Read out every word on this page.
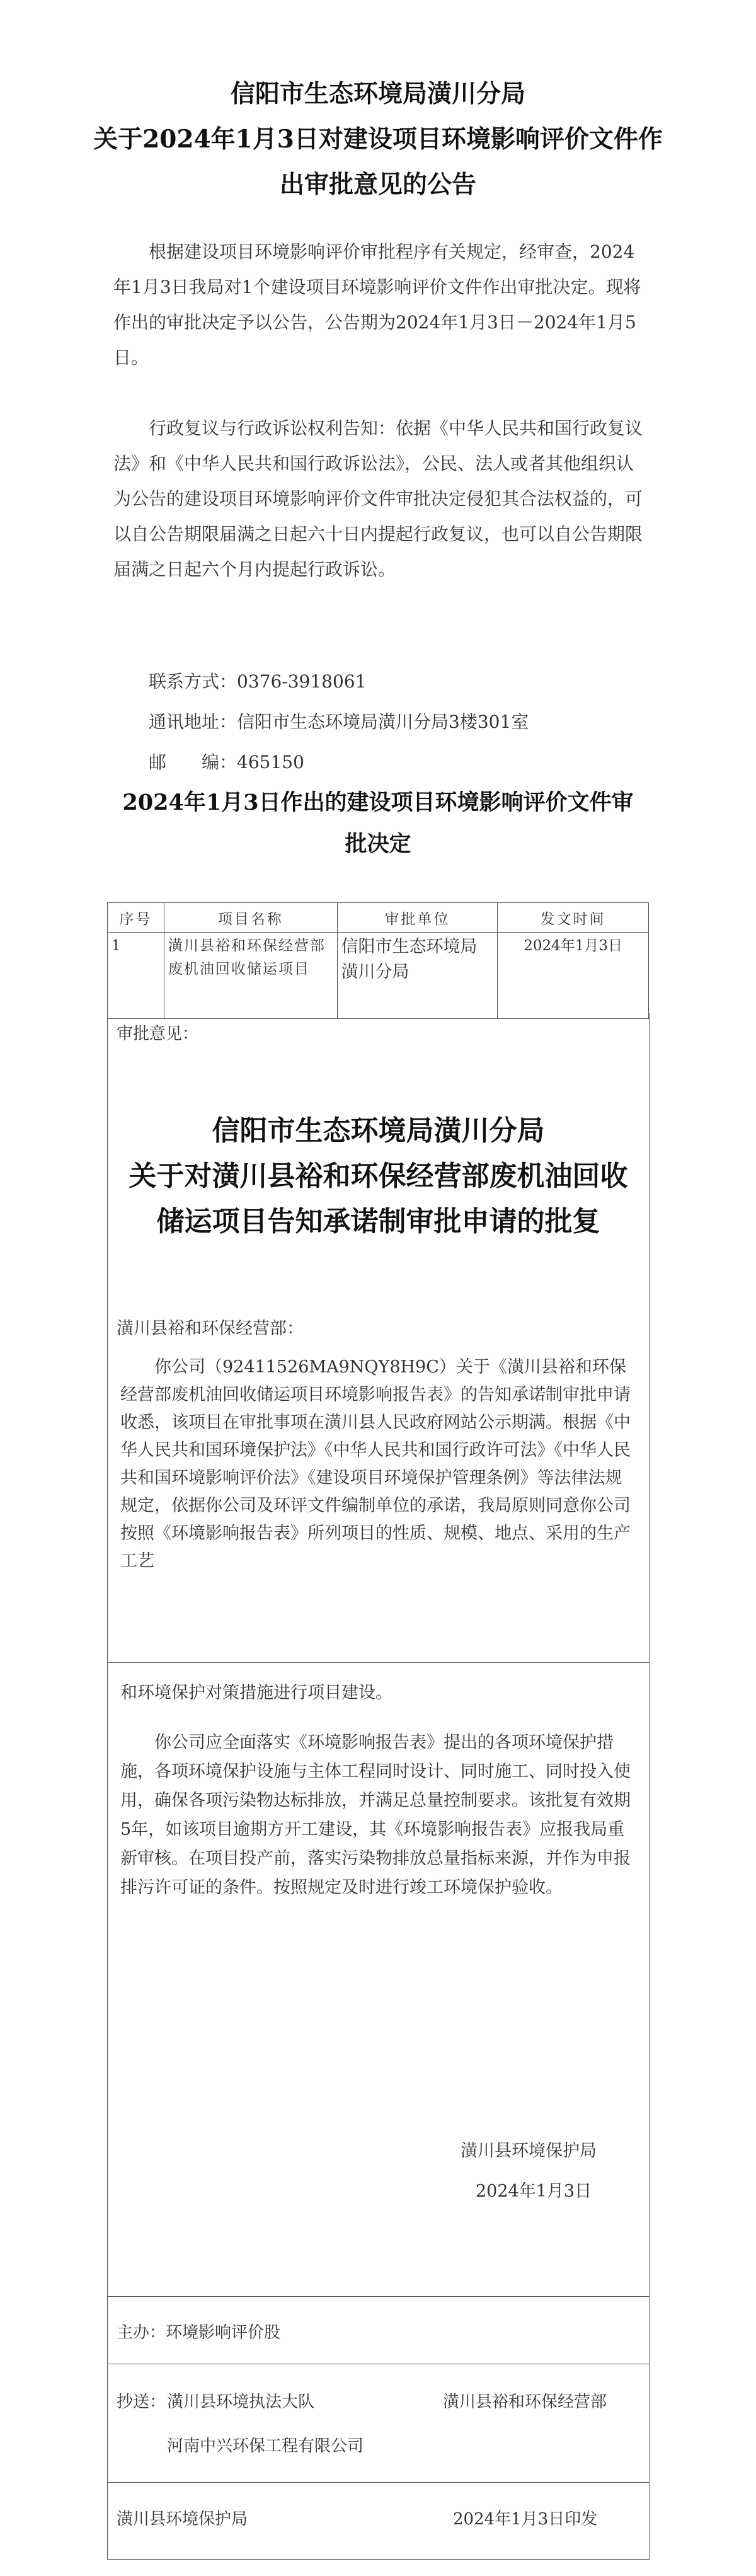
信阳市生态环境局潢川分局
关于2024年1月3日对建设项目环境影响评价文件作
出审批意见的公告

根据建设项目环境影响评价审批程序有关规定，经审查，2024年1月3日我局对1个建设项目环境影响评价文件作出审批决定。现将作出的审批决定予以公告，公告期为2024年1月3日－2024年1月5日。

行政复议与行政诉讼权利告知：依据《中华人民共和国行政复议法》和《中华人民共和国行政诉讼法》，公民、法人或者其他组织认为公告的建设项目环境影响评价文件审批决定侵犯其合法权益的，可以自公告期限届满之日起六十日内提起行政复议，也可以自公告期限届满之日起六个月内提起行政诉讼。

联系方式：0376-3918061
通讯地址：信阳市生态环境局潢川分局3楼301室
邮　　编：465150
2024年1月3日作出的建设项目环境影响评价文件审
批决定
序号	项目名称	审批单位	发文时间
1	潢川县裕和环保经营部废机油回收储运项目	信阳市生态环境局潢川分局	2024年1月3日
审批意见：
信阳市生态环境局潢川分局
关于对潢川县裕和环保经营部废机油回收
储运项目告知承诺制审批申请的批复
潢川县裕和环保经营部：

你公司（92411526MA9NQY8H9C）关于《潢川县裕和环保经营部废机油回收储运项目环境影响报告表》的告知承诺制审批申请收悉，该项目在审批事项在潢川县人民政府网站公示期满。根据《中华人民共和国环境保护法》《中华人民共和国行政许可法》《中华人民共和国环境影响评价法》《建设项目环境保护管理条例》等法律法规规定，依据你公司及环评文件编制单位的承诺，我局原则同意你公司按照《环境影响报告表》所列项目的性质、规模、地点、采用的生产工艺

和环境保护对策措施进行项目建设。

你公司应全面落实《环境影响报告表》提出的各项环境保护措施，各项环境保护设施与主体工程同时设计、同时施工、同时投入使用，确保各项污染物达标排放，并满足总量控制要求。该批复有效期5年，如该项目逾期方开工建设，其《环境影响报告表》应报我局重新审核。在项目投产前，落实污染物排放总量指标来源，并作为申报排污许可证的条件。按照规定及时进行竣工环境保护验收。

潢川县环境保护局
2024年1月3日
主办：环境影响评价股
抄送： 潢川县环境执法大队	潢川县裕和环保经营部
河南中兴环保工程有限公司
潢川县环境保护局	2024年1月3日印发
